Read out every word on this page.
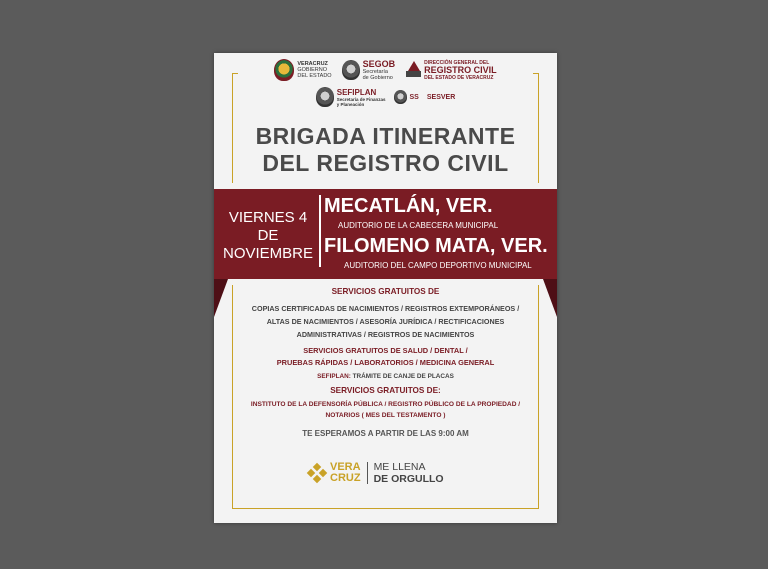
VERACRUZ
GOBIERNO
DEL ESTADO
SEGOB
Secretaría
de Gobierno
DIRECCIÓN GENERAL DEL
REGISTRO CIVIL
DEL ESTADO DE VERACRUZ
SEFIPLAN
Secretaría de Finanzas
y Planeación
SS SESVER
BRIGADA ITINERANTE
DEL REGISTRO CIVIL
VIERNES 4 DE
NOVIEMBRE
MECATLÁN, VER.
AUDITORIO DE LA CABECERA MUNICIPAL
FILOMENO MATA, VER.
AUDITORIO DEL CAMPO DEPORTIVO MUNICIPAL

SERVICIOS GRATUITOS DE

COPIAS CERTIFICADAS DE NACIMIENTOS / REGISTROS EXTEMPORÁNEOS /

ALTAS DE NACIMIENTOS / ASESORÍA JURÍDICA / RECTIFICACIONES

ADMINISTRATIVAS / REGISTROS DE NACIMIENTOS

SERVICIOS GRATUITOS DE SALUD / DENTAL /

PRUEBAS RÁPIDAS / LABORATORIOS / MEDICINA GENERAL

SEFIPLAN: TRÁMITE DE CANJE DE PLACAS

SERVICIOS GRATUITOS DE:

INSTITUTO DE LA DEFENSORÍA PÚBLICA / REGISTRO PÚBLICO DE LA PROPIEDAD /

NOTARIOS ( MES DEL TESTAMENTO )

TE ESPERAMOS A PARTIR DE LAS 9:00 AM

VERA
CRUZ
ME LLENA
DE ORGULLO
